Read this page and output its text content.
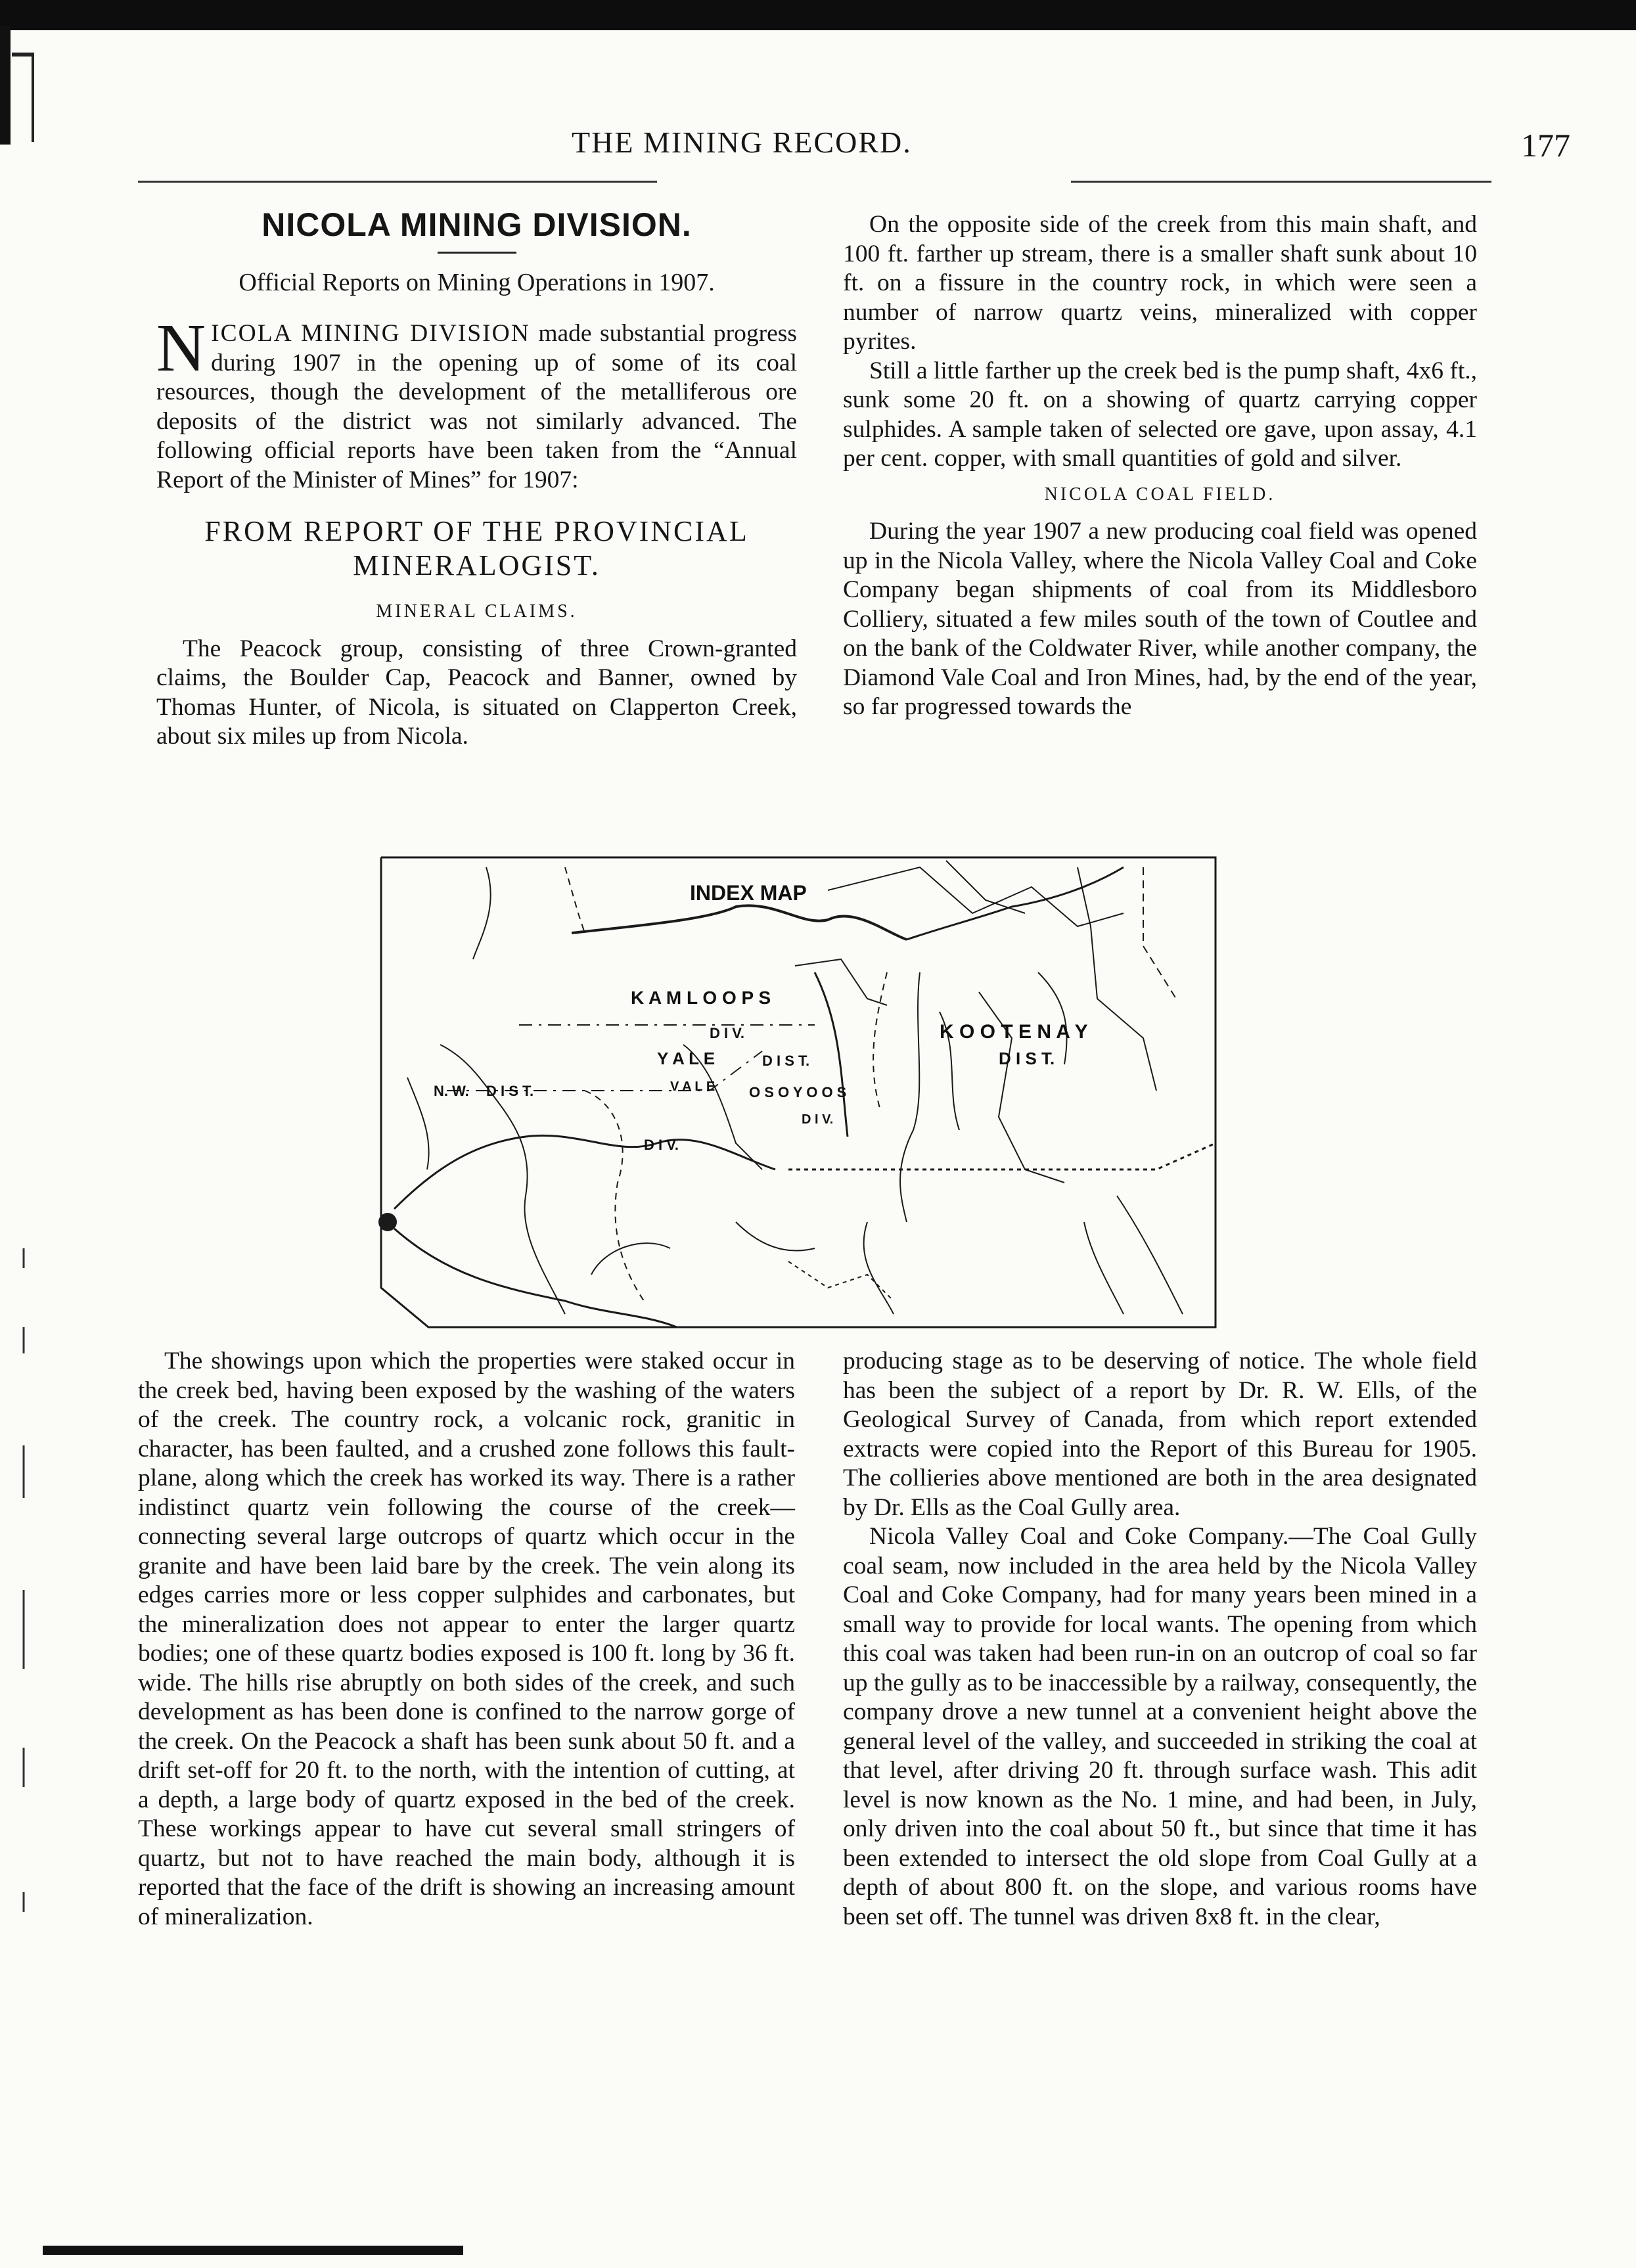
THE MINING RECORD.	177
NICOLA MINING DIVISION.
Official Reports on Mining Operations in 1907.

NICOLA MINING DIVISION made substantial progress during 1907 in the opening up of some of its coal resources, though the development of the metalliferous ore deposits of the district was not similarly advanced. The following official reports have been taken from the “Annual Report of the Minister of Mines” for 1907:

FROM REPORT OF THE PROVINCIAL MINERALOGIST.
MINERAL CLAIMS.

The Peacock group, consisting of three Crown-granted claims, the Boulder Cap, Peacock and Banner, owned by Thomas Hunter, of Nicola, is situated on Clapperton Creek, about six miles up from Nicola.

On the opposite side of the creek from this main shaft, and 100 ft. farther up stream, there is a smaller shaft sunk about 10 ft. on a fissure in the country rock, in which were seen a number of narrow quartz veins, mineralized with copper pyrites.

Still a little farther up the creek bed is the pump shaft, 4x6 ft., sunk some 20 ft. on a showing of quartz carrying copper sulphides. A sample taken of selected ore gave, upon assay, 4.1 per cent. copper, with small quantities of gold and silver.

NICOLA COAL FIELD.

During the year 1907 a new producing coal field was opened up in the Nicola Valley, where the Nicola Valley Coal and Coke Company began shipments of coal from its Middlesboro Colliery, situated a few miles south of the town of Coutlee and on the bank of the Coldwater River, while another company, the Diamond Vale Coal and Iron Mines, had, by the end of the year, so far progressed towards the

INDEX MAP
K A M L O O P S
D I V.	K O O T E N A Y
D I S T.
Y A L E	D I S T.
N. W. D I S T.	V A L E O S O Y O O S
D I V.
D I V.

The showings upon which the properties were staked occur in the creek bed, having been exposed by the washing of the waters of the creek. The country rock, a volcanic rock, granitic in character, has been faulted, and a crushed zone follows this fault-plane, along which the creek has worked its way. There is a rather indistinct quartz vein following the course of the creek—connecting several large outcrops of quartz which occur in the granite and have been laid bare by the creek. The vein along its edges carries more or less copper sulphides and carbonates, but the mineralization does not appear to enter the larger quartz bodies; one of these quartz bodies exposed is 100 ft. long by 36 ft. wide. The hills rise abruptly on both sides of the creek, and such development as has been done is confined to the narrow gorge of the creek. On the Peacock a shaft has been sunk about 50 ft. and a drift set-off for 20 ft. to the north, with the intention of cutting, at a depth, a large body of quartz exposed in the bed of the creek. These workings appear to have cut several small stringers of quartz, but not to have reached the main body, although it is reported that the face of the drift is showing an increasing amount of mineralization.

producing stage as to be deserving of notice. The whole field has been the subject of a report by Dr. R. W. Ells, of the Geological Survey of Canada, from which report extended extracts were copied into the Report of this Bureau for 1905. The collieries above mentioned are both in the area designated by Dr. Ells as the Coal Gully area.

Nicola Valley Coal and Coke Company.—The Coal Gully coal seam, now included in the area held by the Nicola Valley Coal and Coke Company, had for many years been mined in a small way to provide for local wants. The opening from which this coal was taken had been run-in on an outcrop of coal so far up the gully as to be inaccessible by a railway, consequently, the company drove a new tunnel at a convenient height above the general level of the valley, and succeeded in striking the coal at that level, after driving 20 ft. through surface wash. This adit level is now known as the No. 1 mine, and had been, in July, only driven into the coal about 50 ft., but since that time it has been extended to intersect the old slope from Coal Gully at a depth of about 800 ft. on the slope, and various rooms have been set off. The tunnel was driven 8x8 ft. in the clear,
